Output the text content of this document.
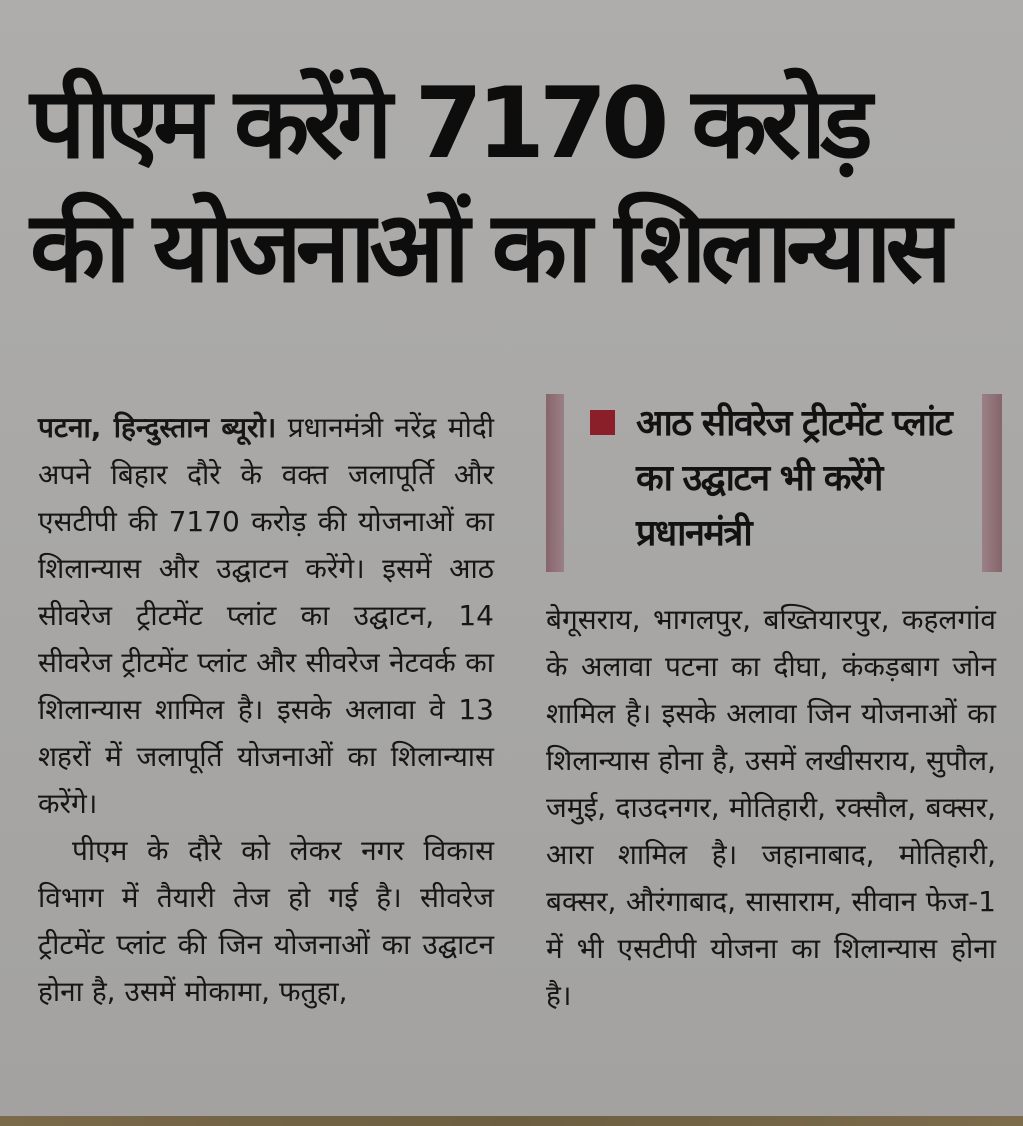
पीएम करेंगे 7170 करोड़
की योजनाओं का शिलान्यास

पटना, हिन्दुस्तान ब्यूरो। प्रधानमंत्री नरेंद्र मोदी अपने बिहार दौरे के वक्त जलापूर्ति और एसटीपी की 7170 करोड़ की योजनाओं का शिलान्यास और उद्घाटन करेंगे। इसमें आठ सीवरेज ट्रीटमेंट प्लांट का उद्घाटन, 14 सीवरेज ट्रीटमेंट प्लांट और सीवरेज नेटवर्क का शिलान्यास शामिल है। इसके अलावा वे 13 शहरों में जलापूर्ति योजनाओं का शिलान्यास करेंगे।

पीएम के दौरे को लेकर नगर विकास विभाग में तैयारी तेज हो गई है। सीवरेज ट्रीटमेंट प्लांट की जिन योजनाओं का उद्घाटन होना है, उसमें मोकामा, फतुहा,

आठ सीवरेज ट्रीटमेंट प्लांट का उद्घाटन भी करेंगे प्रधानमंत्री

बेगूसराय, भागलपुर, बख्तियारपुर, कहलगांव के अलावा पटना का दीघा, कंकड़बाग जोन शामिल है। इसके अलावा जिन योजनाओं का शिलान्यास होना है, उसमें लखीसराय, सुपौल, जमुई, दाउदनगर, मोतिहारी, रक्सौल, बक्सर, आरा शामिल है। जहानाबाद, मोतिहारी, बक्सर, औरंगाबाद, सासाराम, सीवान फेज-1 में भी एसटीपी योजना का शिलान्यास होना है।
